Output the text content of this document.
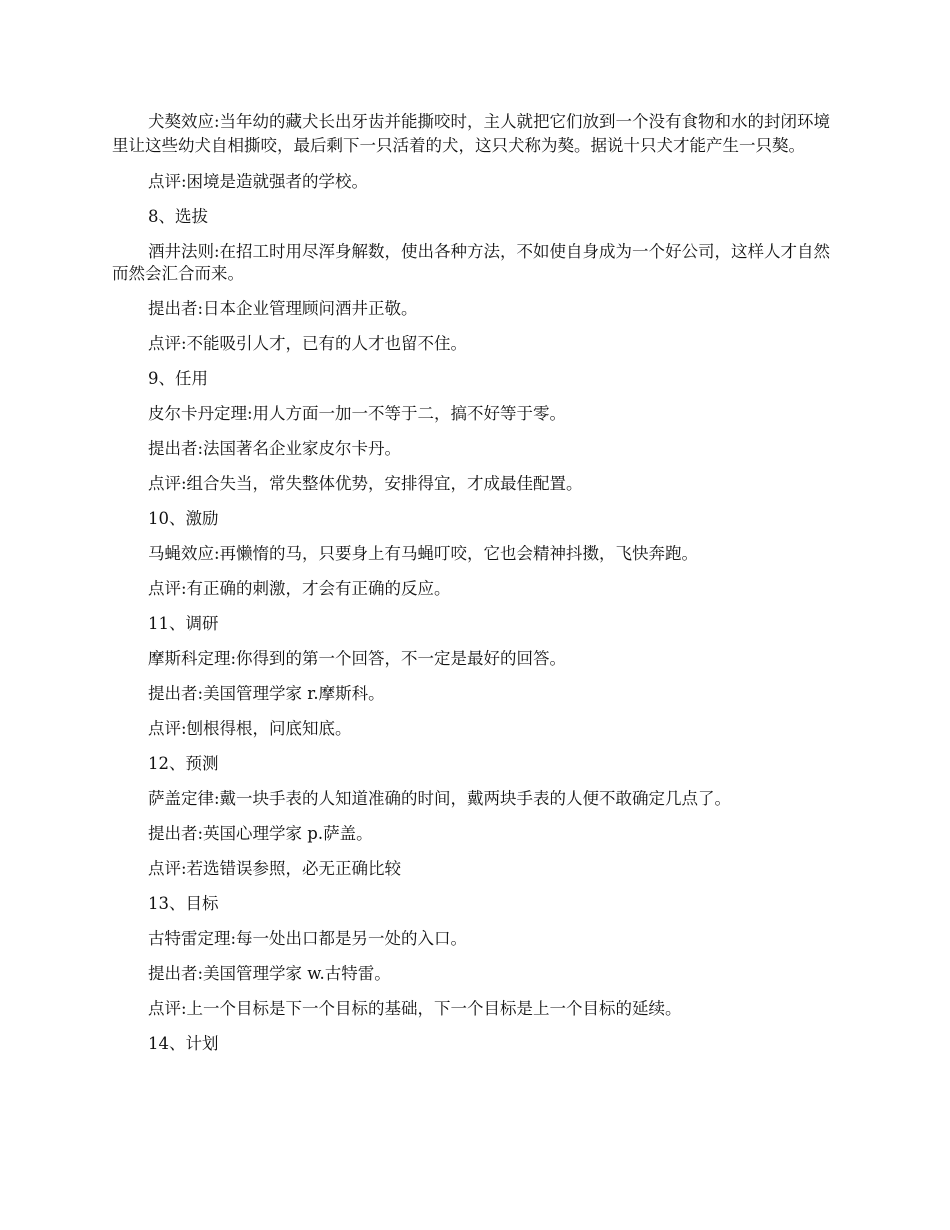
犬獒效应:当年幼的藏犬长出牙齿并能撕咬时，主人就把它们放到一个没有食物和水的封闭环境里让这些幼犬自相撕咬，最后剩下一只活着的犬，这只犬称为獒。据说十只犬才能产生一只獒。

点评:困境是造就强者的学校。

8、选拔

酒井法则:在招工时用尽浑身解数，使出各种方法，不如使自身成为一个好公司，这样人才自然而然会汇合而来。

提出者:日本企业管理顾问酒井正敬。

点评:不能吸引人才，已有的人才也留不住。

9、任用

皮尔卡丹定理:用人方面一加一不等于二，搞不好等于零。

提出者:法国著名企业家皮尔卡丹。

点评:组合失当，常失整体优势，安排得宜，才成最佳配置。

10、激励

马蝇效应:再懒惰的马，只要身上有马蝇叮咬，它也会精神抖擞，飞快奔跑。

点评:有正确的刺激，才会有正确的反应。

11、调研

摩斯科定理:你得到的第一个回答，不一定是最好的回答。

提出者:美国管理学家 r.摩斯科。

点评:刨根得根，问底知底。

12、预测

萨盖定律:戴一块手表的人知道准确的时间，戴两块手表的人便不敢确定几点了。

提出者:英国心理学家 p.萨盖。

点评:若选错误参照，必无正确比较

13、目标

古特雷定理:每一处出口都是另一处的入口。

提出者:美国管理学家 w.古特雷。

点评:上一个目标是下一个目标的基础，下一个目标是上一个目标的延续。

14、计划
